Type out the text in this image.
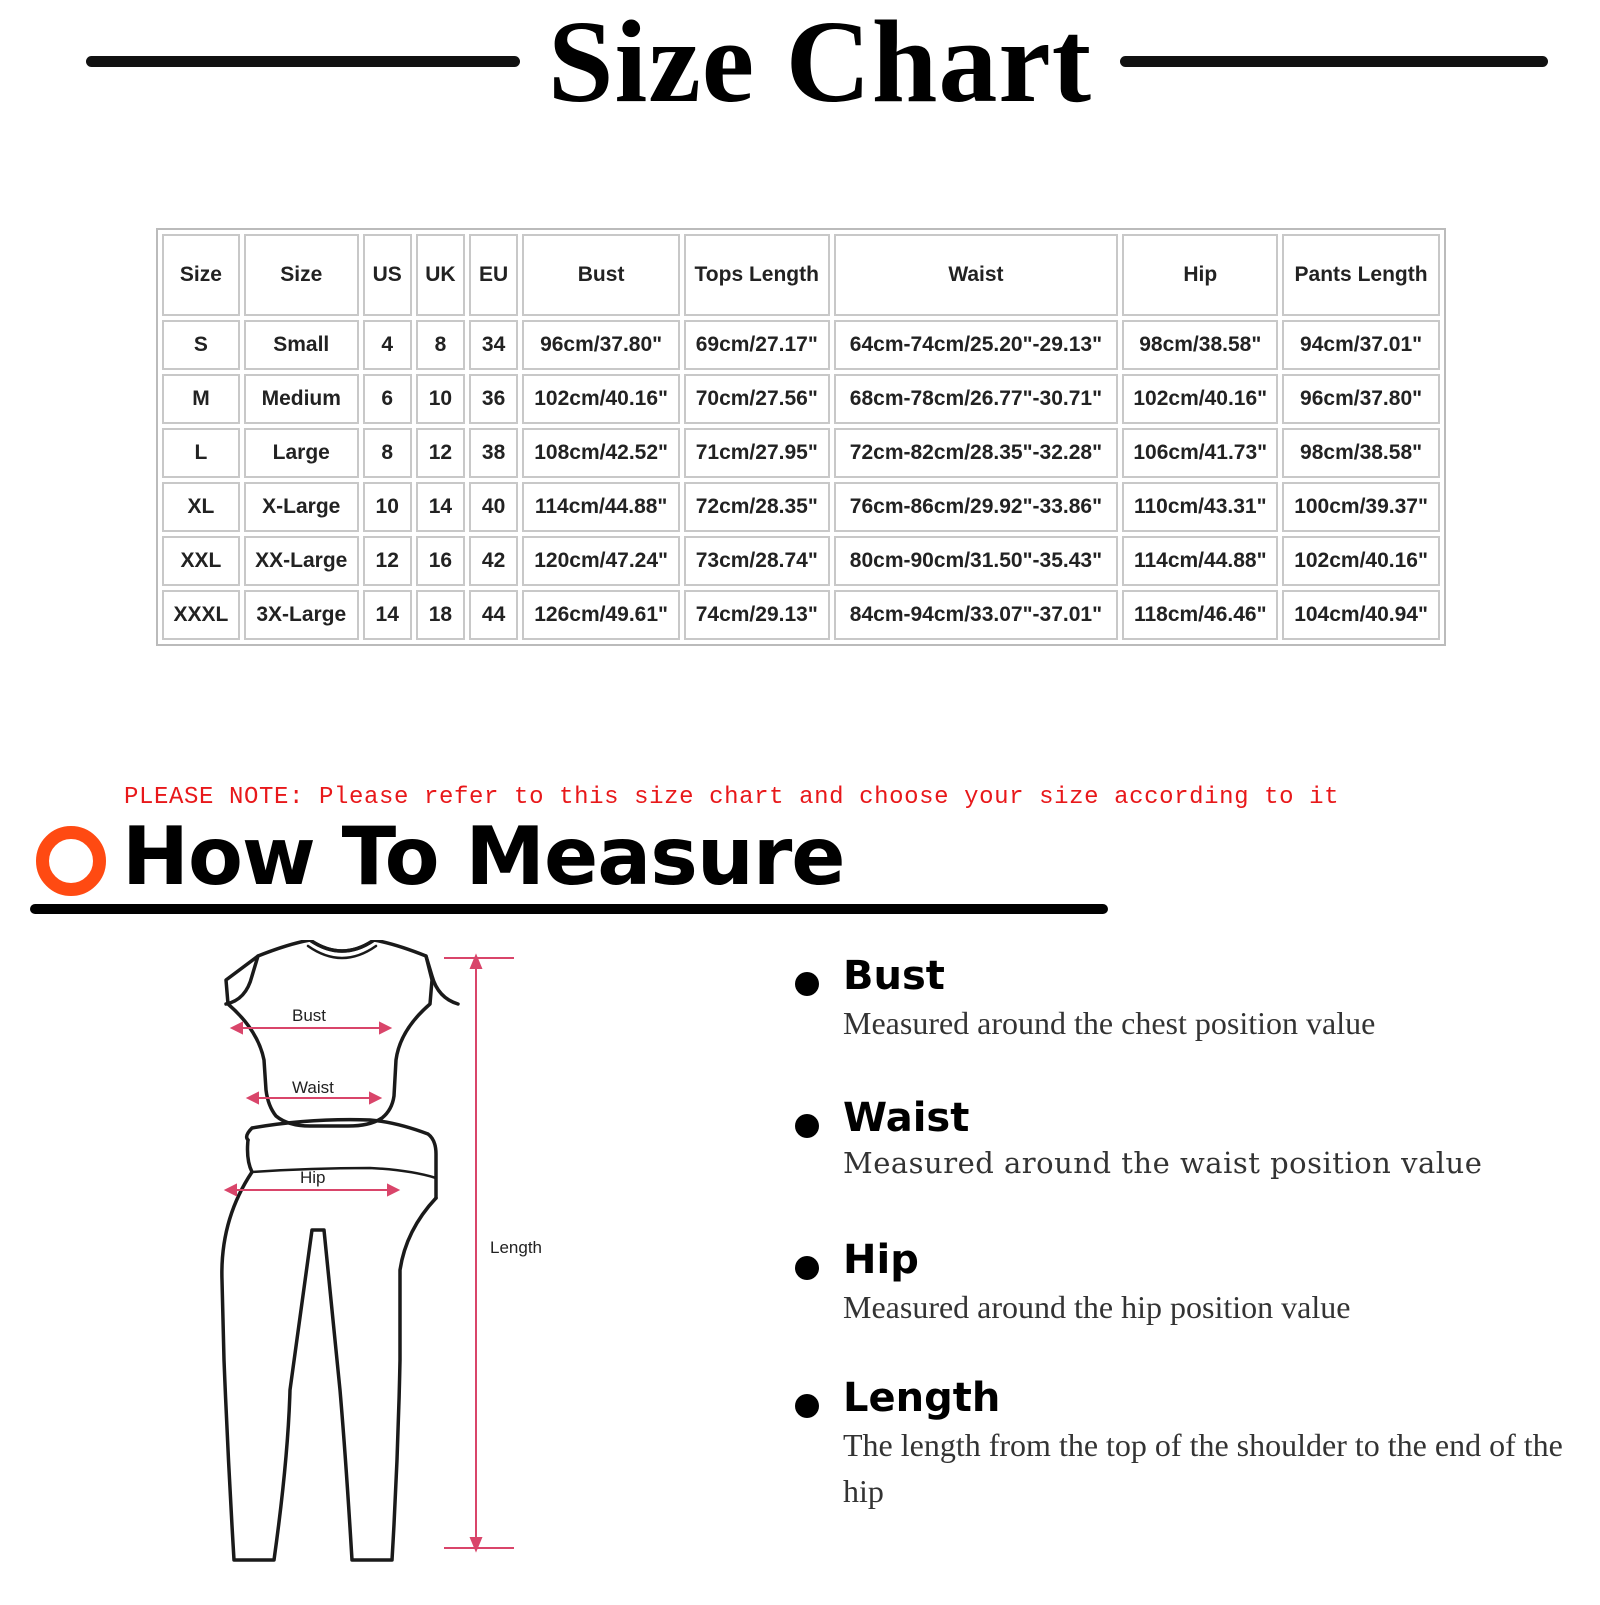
Size Chart
Size	Size	US	UK	EU	Bust	Tops Length	Waist	Hip	Pants Length
S	Small	4	8	34	96cm/37.80"	69cm/27.17"	64cm-74cm/25.20"-29.13"	98cm/38.58"	94cm/37.01"
M	Medium	6	10	36	102cm/40.16"	70cm/27.56"	68cm-78cm/26.77"-30.71"	102cm/40.16"	96cm/37.80"
L	Large	8	12	38	108cm/42.52"	71cm/27.95"	72cm-82cm/28.35"-32.28"	106cm/41.73"	98cm/38.58"
XL	X-Large	10	14	40	114cm/44.88"	72cm/28.35"	76cm-86cm/29.92"-33.86"	110cm/43.31"	100cm/39.37"
XXL	XX-Large	12	16	42	120cm/47.24"	73cm/28.74"	80cm-90cm/31.50"-35.43"	114cm/44.88"	102cm/40.16"
XXXL	3X-Large	14	18	44	126cm/49.61"	74cm/29.13"	84cm-94cm/33.07"-37.01"	118cm/46.46"	104cm/40.94"
PLEASE NOTE: Please refer to this size chart and choose your size according to it
How To Measure
Bust
Waist
Hip
Length
Bust
Measured around the chest position value
Waist
Measured around the waist position value
Hip
Measured around the hip position value
Length
The length from the top of the shoulder to the end of the hip
